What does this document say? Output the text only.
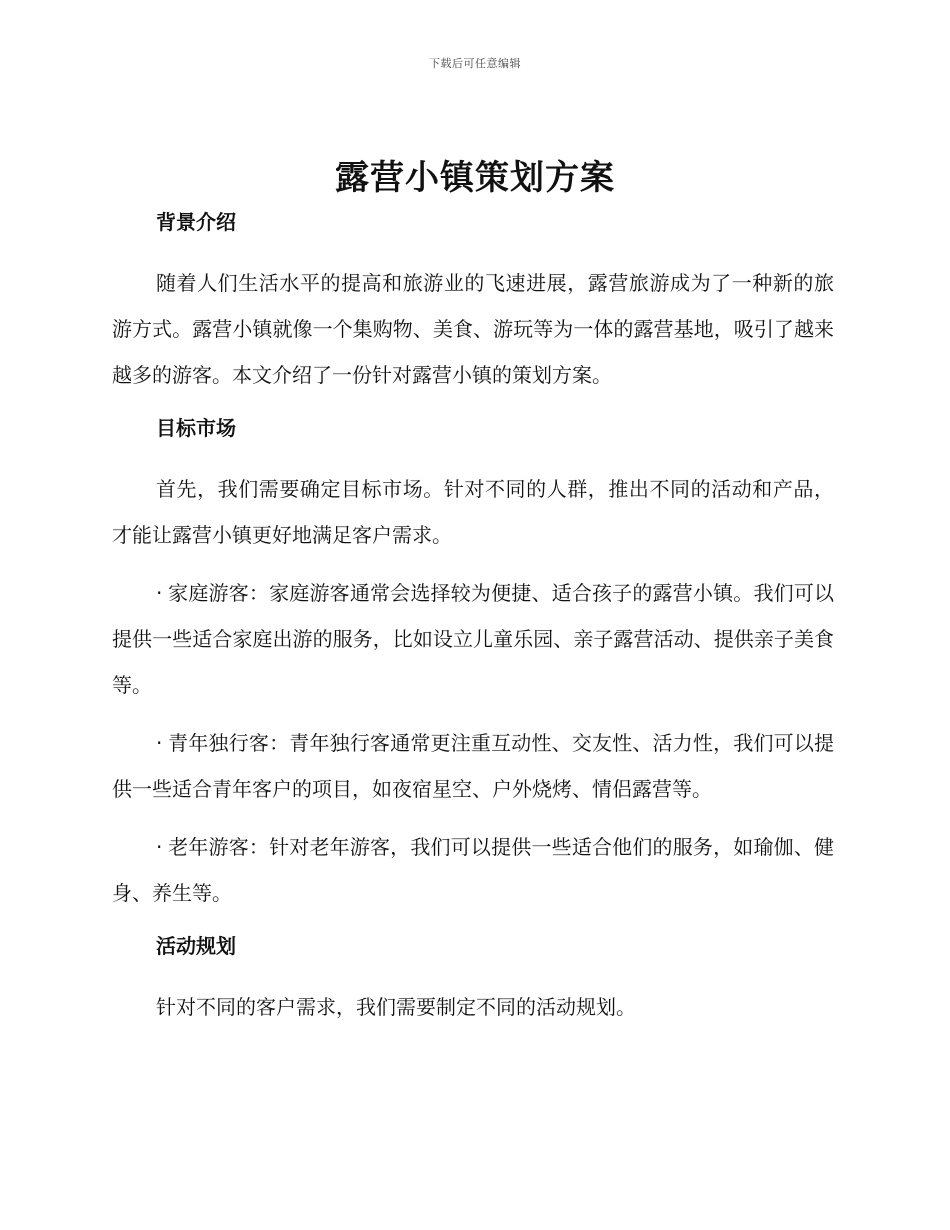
下载后可任意编辑
露营小镇策划方案
背景介绍

随着人们生活水平的提高和旅游业的飞速进展，露营旅游成为了一种新的旅游方式。露营小镇就像一个集购物、美食、游玩等为一体的露营基地，吸引了越来越多的游客。本文介绍了一份针对露营小镇的策划方案。

目标市场

首先，我们需要确定目标市场。针对不同的人群，推出不同的活动和产品，才能让露营小镇更好地满足客户需求。

· 家庭游客：家庭游客通常会选择较为便捷、适合孩子的露营小镇。我们可以提供一些适合家庭出游的服务，比如设立儿童乐园、亲子露营活动、提供亲子美食等。

· 青年独行客：青年独行客通常更注重互动性、交友性、活力性，我们可以提供一些适合青年客户的项目，如夜宿星空、户外烧烤、情侣露营等。

· 老年游客：针对老年游客，我们可以提供一些适合他们的服务，如瑜伽、健身、养生等。

活动规划

针对不同的客户需求，我们需要制定不同的活动规划。
